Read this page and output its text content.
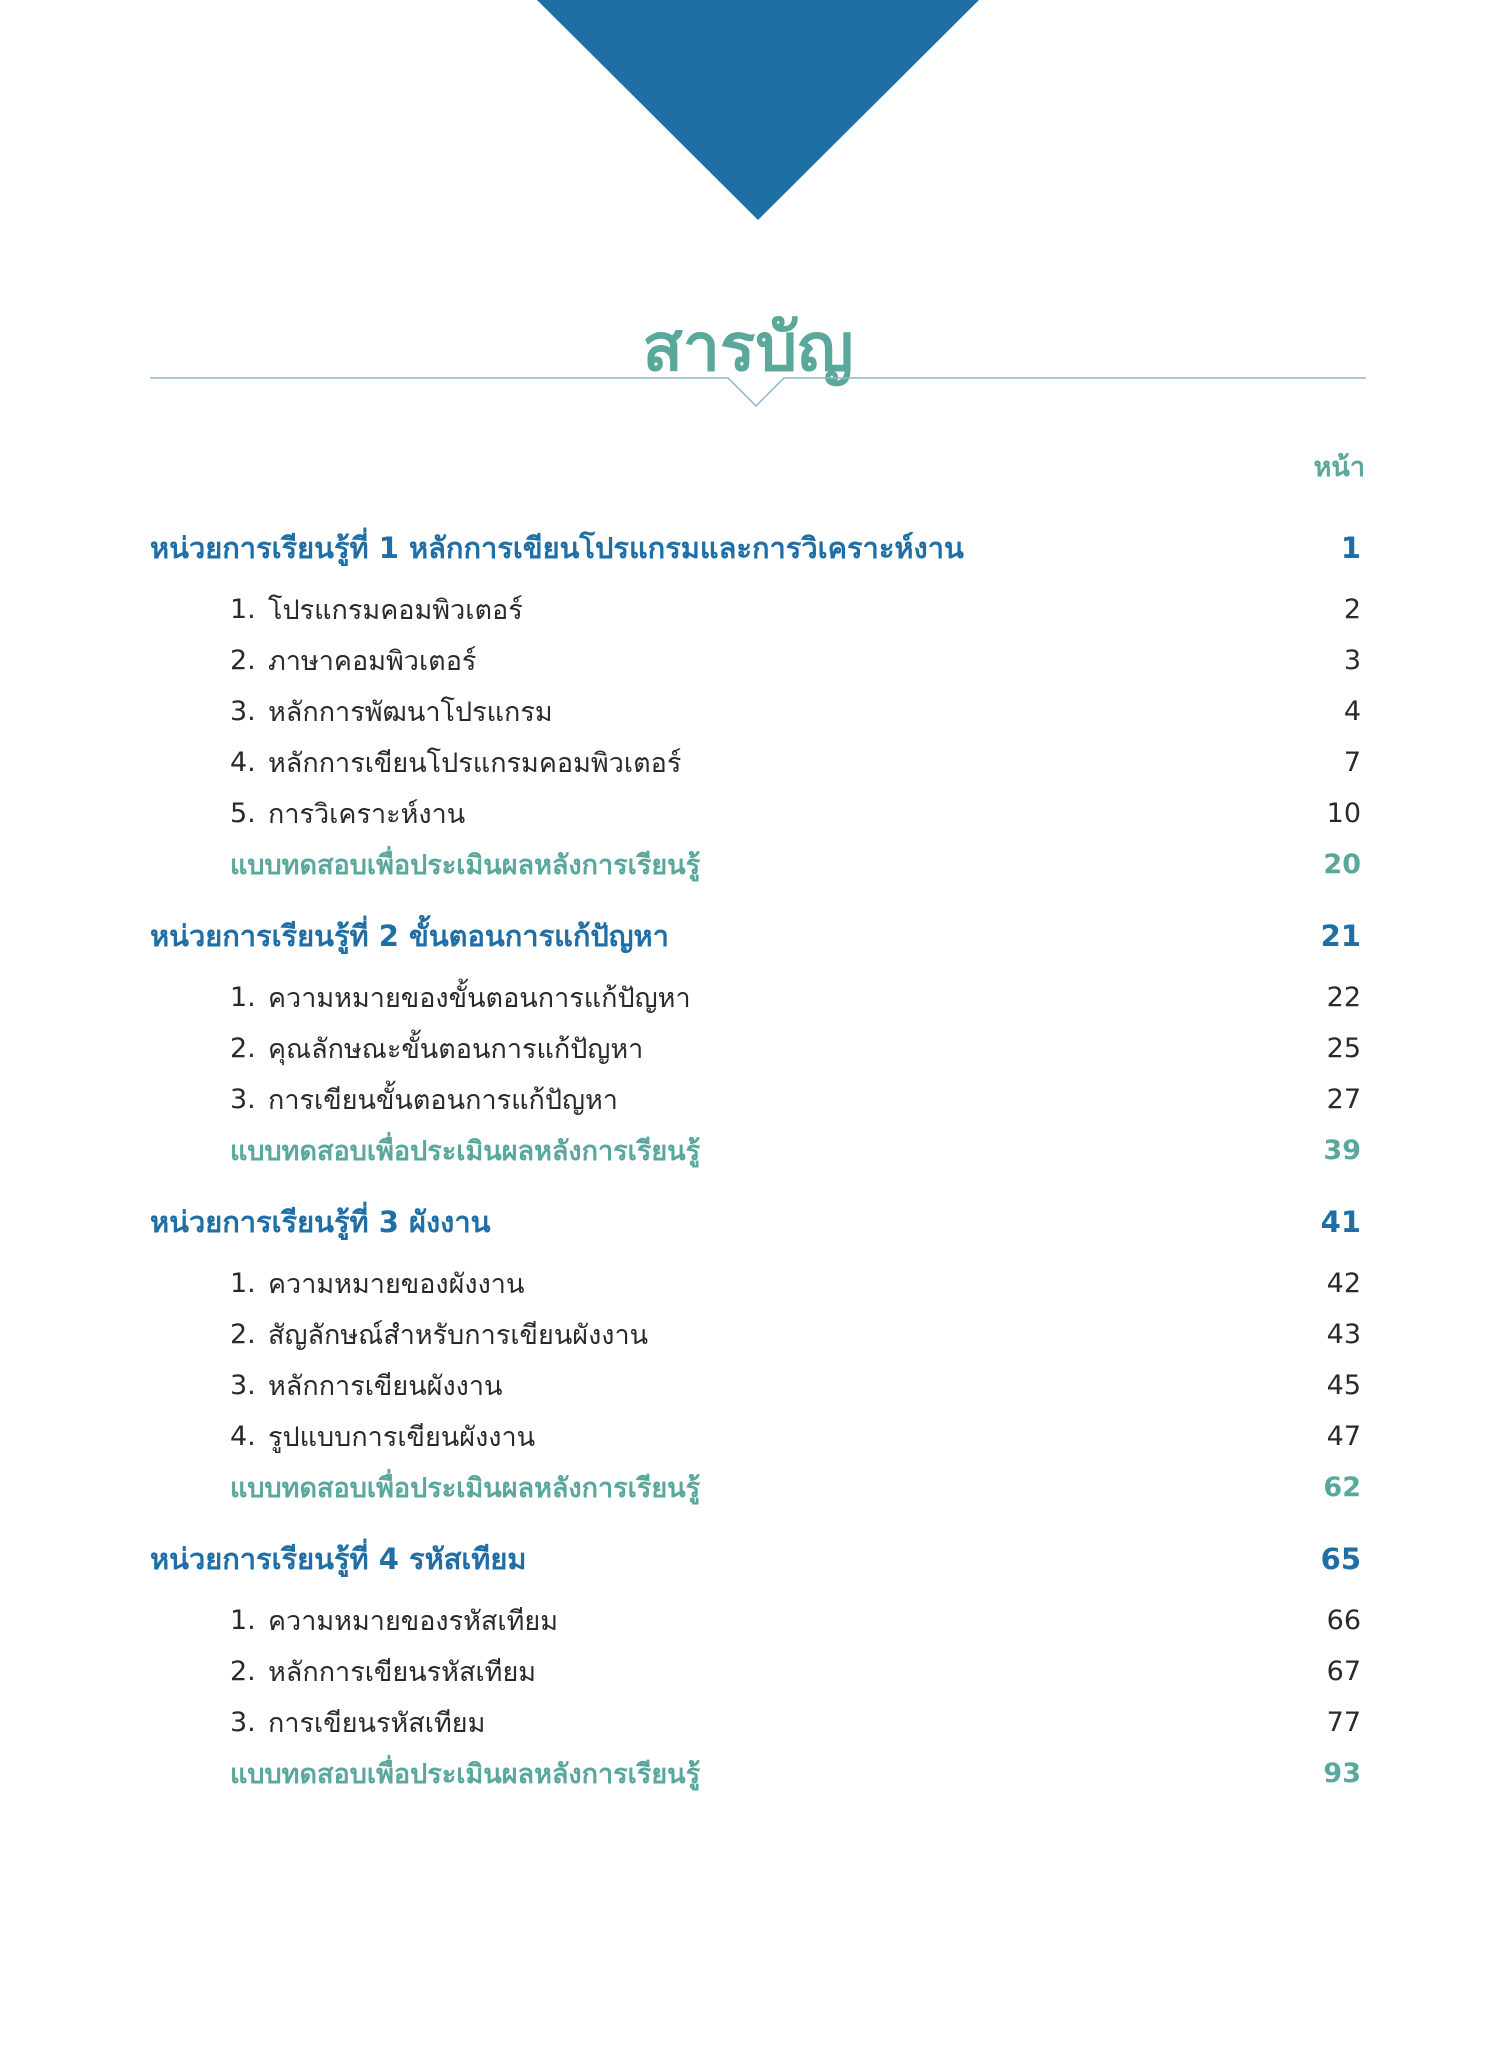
สารบัญ
หน้า
หน่วยการเรียนรู้ที่ 1 หลักการเขียนโปรแกรมและการวิเคราะห์งาน	1
1. โปรแกรมคอมพิวเตอร์	2
2. ภาษาคอมพิวเตอร์	3
3. หลักการพัฒนาโปรแกรม	4
4. หลักการเขียนโปรแกรมคอมพิวเตอร์	7
5. การวิเคราะห์งาน	10
แบบทดสอบเพื่อประเมินผลหลังการเรียนรู้	20
หน่วยการเรียนรู้ที่ 2 ขั้นตอนการแก้ปัญหา	21
1. ความหมายของขั้นตอนการแก้ปัญหา	22
2. คุณลักษณะขั้นตอนการแก้ปัญหา	25
3. การเขียนขั้นตอนการแก้ปัญหา	27
แบบทดสอบเพื่อประเมินผลหลังการเรียนรู้	39
หน่วยการเรียนรู้ที่ 3 ผังงาน	41
1. ความหมายของผังงาน	42
2. สัญลักษณ์สำหรับการเขียนผังงาน	43
3. หลักการเขียนผังงาน	45
4. รูปแบบการเขียนผังงาน	47
แบบทดสอบเพื่อประเมินผลหลังการเรียนรู้	62
หน่วยการเรียนรู้ที่ 4 รหัสเทียม	65
1. ความหมายของรหัสเทียม	66
2. หลักการเขียนรหัสเทียม	67
3. การเขียนรหัสเทียม	77
แบบทดสอบเพื่อประเมินผลหลังการเรียนรู้	93
